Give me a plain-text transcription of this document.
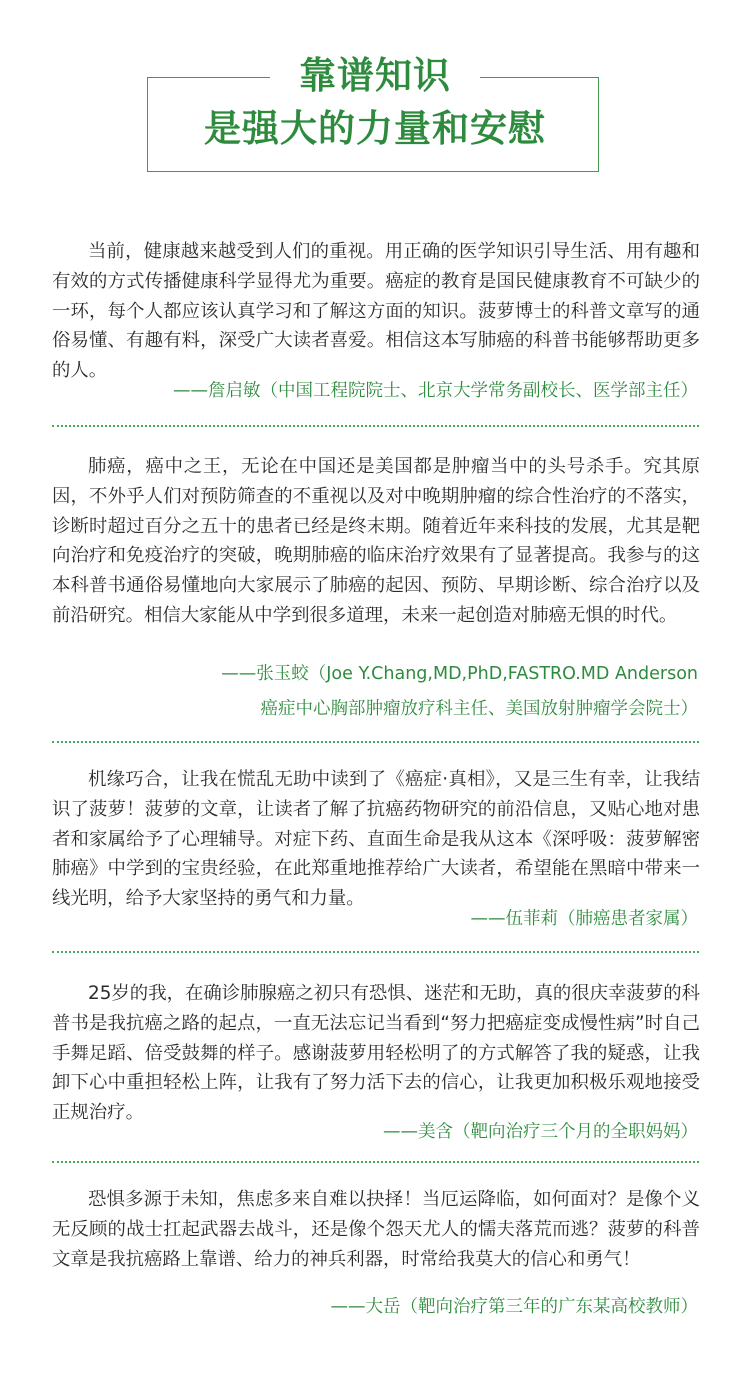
靠谱知识
是强大的力量和安慰

当前，健康越来越受到人们的重视。用正确的医学知识引导生活、用有趣和有效的方式传播健康科学显得尤为重要。癌症的教育是国民健康教育不可缺少的一环，每个人都应该认真学习和了解这方面的知识。菠萝博士的科普文章写的通俗易懂、有趣有料，深受广大读者喜爱。相信这本写肺癌的科普书能够帮助更多的人。

——詹启敏（中国工程院院士、北京大学常务副校长、医学部主任）

肺癌，癌中之王，无论在中国还是美国都是肿瘤当中的头号杀手。究其原因，不外乎人们对预防筛查的不重视以及对中晚期肿瘤的综合性治疗的不落实，诊断时超过百分之五十的患者已经是终末期。随着近年来科技的发展，尤其是靶向治疗和免疫治疗的突破，晚期肺癌的临床治疗效果有了显著提高。我参与的这本科普书通俗易懂地向大家展示了肺癌的起因、预防、早期诊断、综合治疗以及前沿研究。相信大家能从中学到很多道理，未来一起创造对肺癌无惧的时代。

——张玉蛟（Joe Y.Chang,MD,PhD,FASTRO.MD Anderson
癌症中心胸部肿瘤放疗科主任、美国放射肿瘤学会院士）

机缘巧合，让我在慌乱无助中读到了《癌症·真相》，又是三生有幸，让我结识了菠萝！菠萝的文章，让读者了解了抗癌药物研究的前沿信息，又贴心地对患者和家属给予了心理辅导。对症下药、直面生命是我从这本《深呼吸：菠萝解密肺癌》中学到的宝贵经验，在此郑重地推荐给广大读者，希望能在黑暗中带来一线光明，给予大家坚持的勇气和力量。

——伍菲莉（肺癌患者家属）

25岁的我，在确诊肺腺癌之初只有恐惧、迷茫和无助，真的很庆幸菠萝的科普书是我抗癌之路的起点，一直无法忘记当看到“努力把癌症变成慢性病”时自己手舞足蹈、倍受鼓舞的样子。感谢菠萝用轻松明了的方式解答了我的疑惑，让我卸下心中重担轻松上阵，让我有了努力活下去的信心，让我更加积极乐观地接受正规治疗。

——美含（靶向治疗三个月的全职妈妈）

恐惧多源于未知，焦虑多来自难以抉择！当厄运降临，如何面对？是像个义无反顾的战士扛起武器去战斗，还是像个怨天尤人的懦夫落荒而逃？菠萝的科普文章是我抗癌路上靠谱、给力的神兵利器，时常给我莫大的信心和勇气！

——大岳（靶向治疗第三年的广东某高校教师）
